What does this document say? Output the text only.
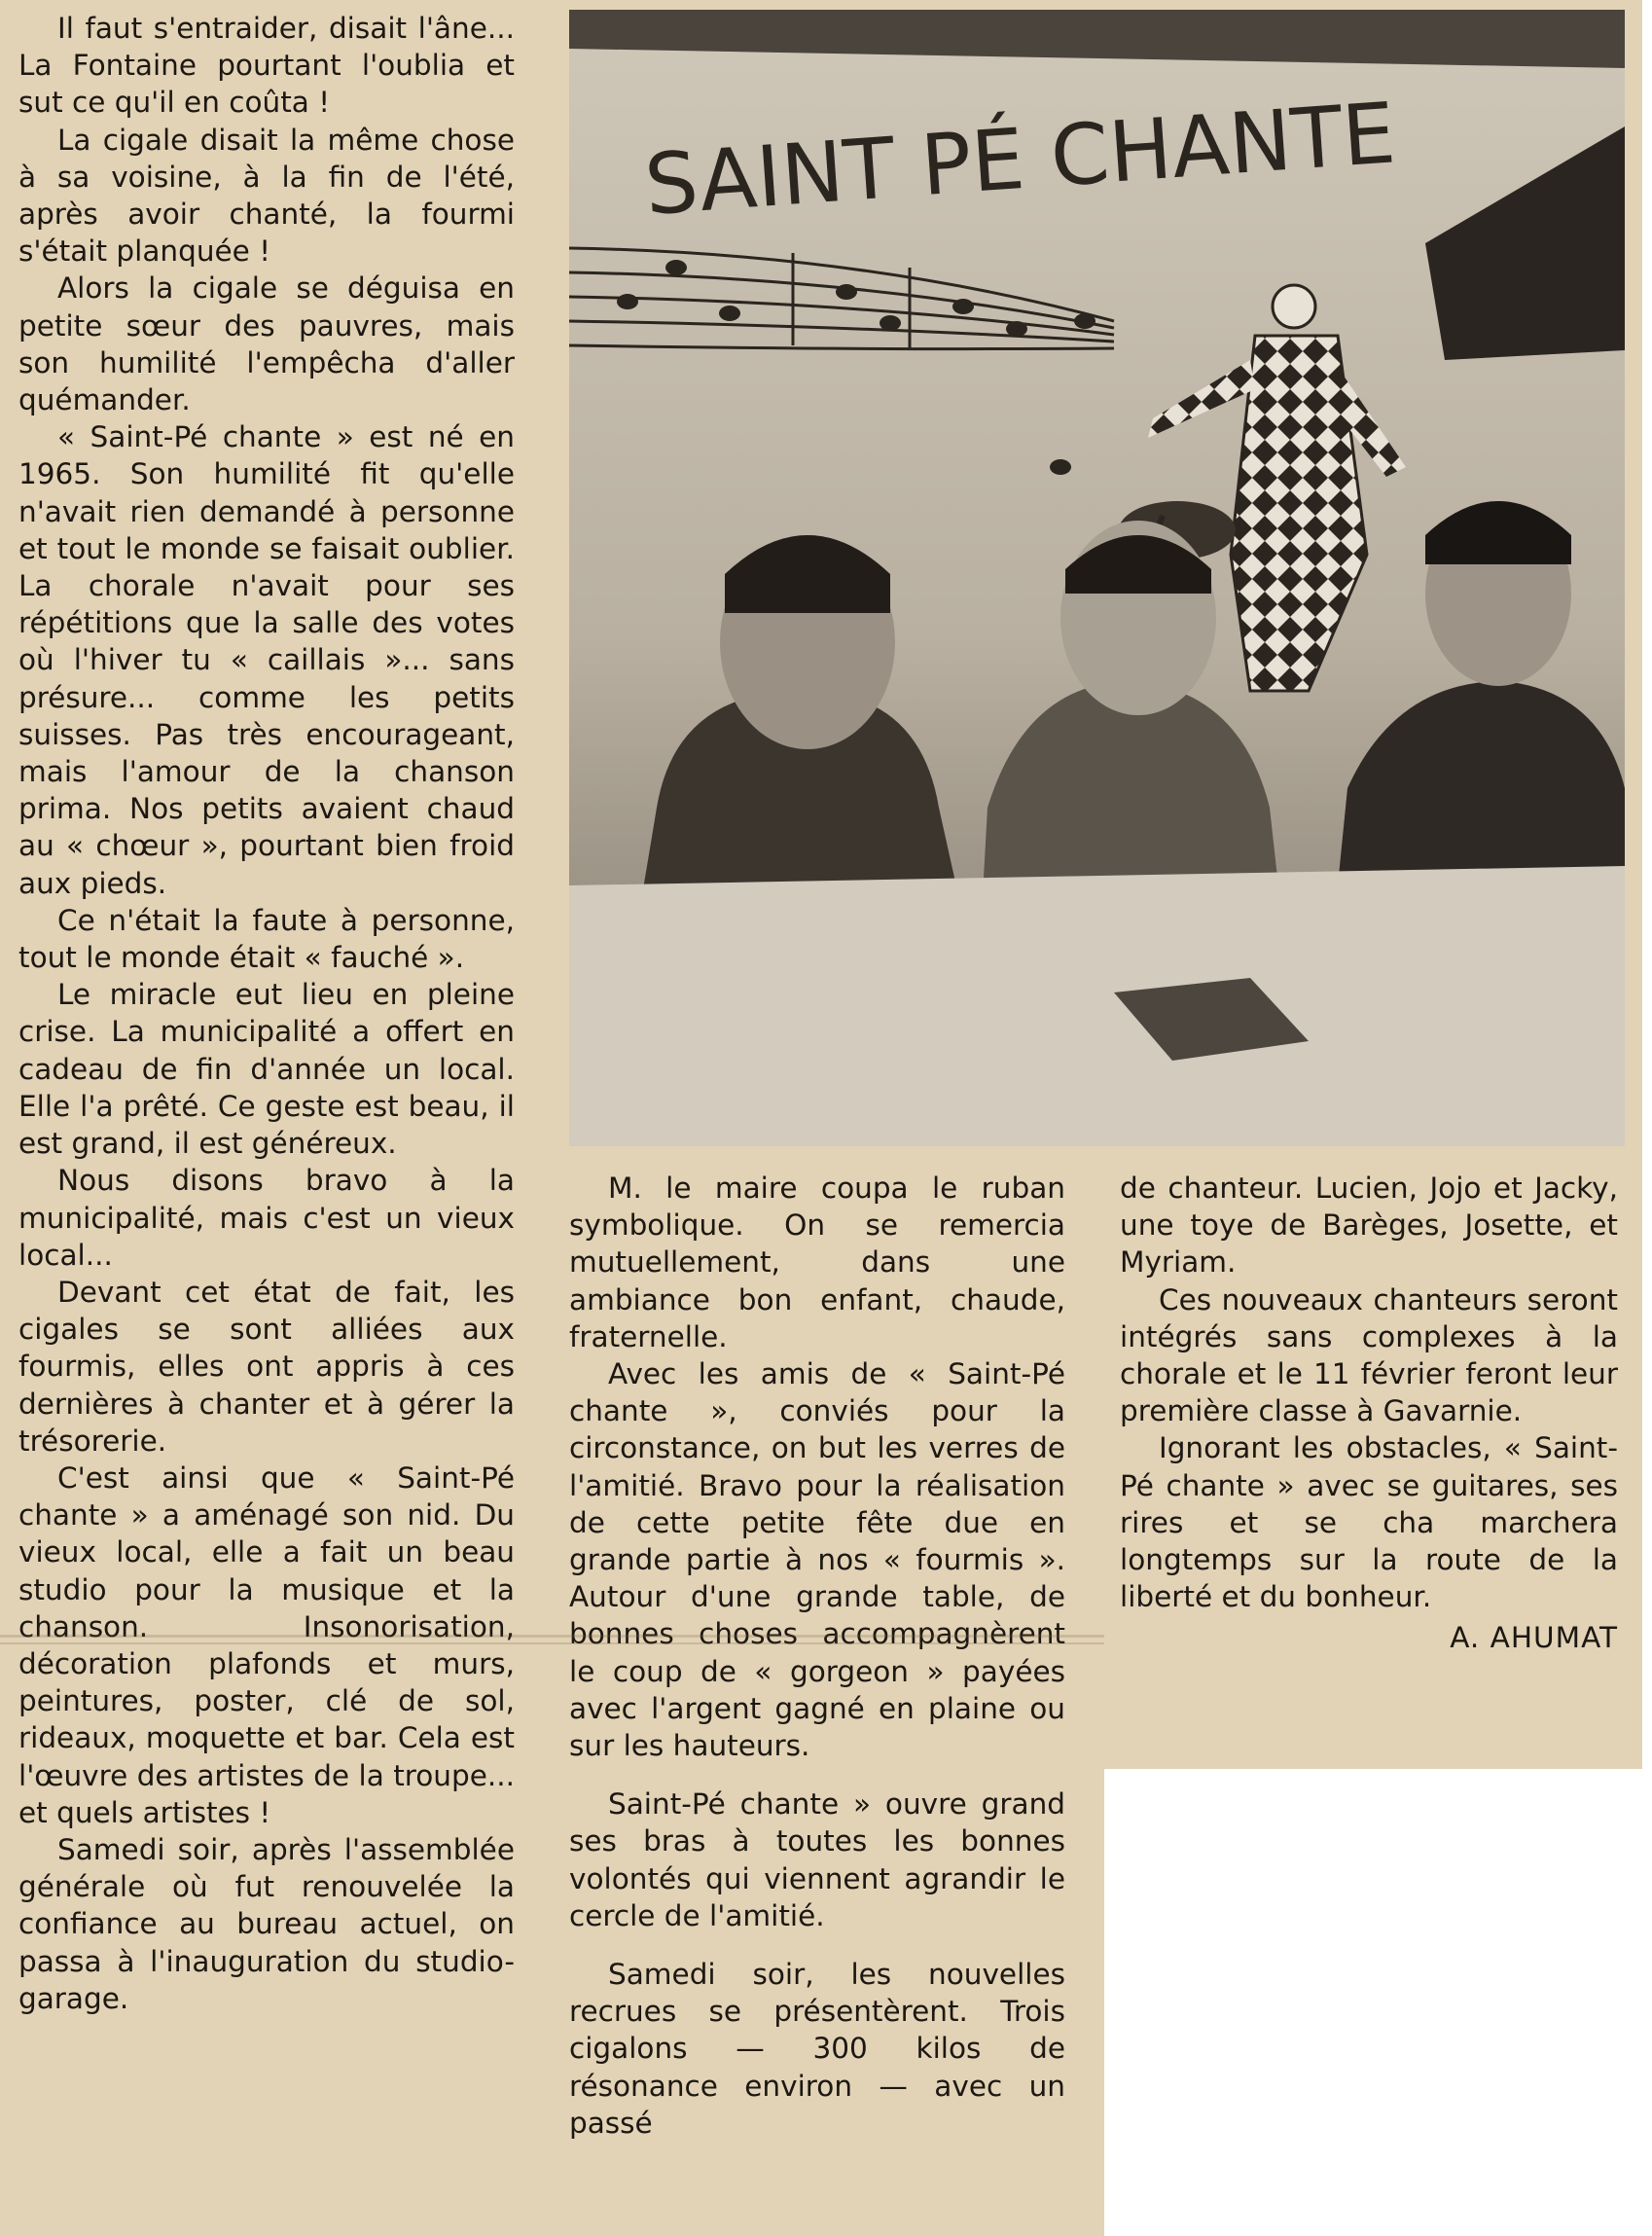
Il faut s'entraider, disait l'âne... La Fontaine pourtant l'oublia et sut ce qu'il en coûta !

La cigale disait la même chose à sa voisine, à la fin de l'été, après avoir chanté, la fourmi s'était planquée !

Alors la cigale se déguisa en petite sœur des pauvres, mais son humilité l'empêcha d'aller quémander.

« Saint-Pé chante » est né en 1965. Son humilité fit qu'elle n'avait rien demandé à personne et tout le monde se faisait oublier. La chorale n'avait pour ses répétitions que la salle des votes où l'hiver tu « caillais »... sans présure... comme les petits suisses. Pas très encourageant, mais l'amour de la chanson prima. Nos petits avaient chaud au « chœur », pourtant bien froid aux pieds.

Ce n'était la faute à personne, tout le monde était « fauché ».

Le miracle eut lieu en pleine crise. La municipalité a offert en cadeau de fin d'année un local. Elle l'a prêté. Ce geste est beau, il est grand, il est généreux.

Nous disons bravo à la municipalité, mais c'est un vieux local...

Devant cet état de fait, les cigales se sont alliées aux fourmis, elles ont appris à ces dernières à chanter et à gérer la trésorerie.

C'est ainsi que « Saint-Pé chante » a aménagé son nid. Du vieux local, elle a fait un beau studio pour la musique et la chanson. Insonorisation, décoration plafonds et murs, peintures, poster, clé de sol, rideaux, moquette et bar. Cela est l'œuvre des artistes de la troupe... et quels artistes !

Samedi soir, après l'assemblée générale où fut renouvelée la confiance au bureau actuel, on passa à l'inauguration du studio-garage.

SAINT PÉ CHANTE

M. le maire coupa le ruban symbolique. On se remercia mutuellement, dans une ambiance bon enfant, chaude, fraternelle.

Avec les amis de « Saint-Pé chante », conviés pour la circonstance, on but les verres de l'amitié. Bravo pour la réalisation de cette petite fête due en grande partie à nos « fourmis ». Autour d'une grande table, de bonnes choses accompagnèrent le coup de « gorgeon » payées avec l'argent gagné en plaine ou sur les hauteurs.

Saint-Pé chante » ouvre grand ses bras à toutes les bonnes volontés qui viennent agrandir le cercle de l'amitié.

Samedi soir, les nouvelles recrues se présentèrent. Trois cigalons — 300 kilos de résonance environ — avec un passé

de chanteur. Lucien, Jojo et Jacky, une toye de Barèges, Josette, et Myriam.

Ces nouveaux chanteurs seront intégrés sans complexes à la chorale et le 11 février feront leur première classe à Gavarnie.

Ignorant les obstacles, « Saint-Pé chante » avec se guitares, ses rires et se cha marchera longtemps sur la route de la liberté et du bonheur.

A. AHUMAT
